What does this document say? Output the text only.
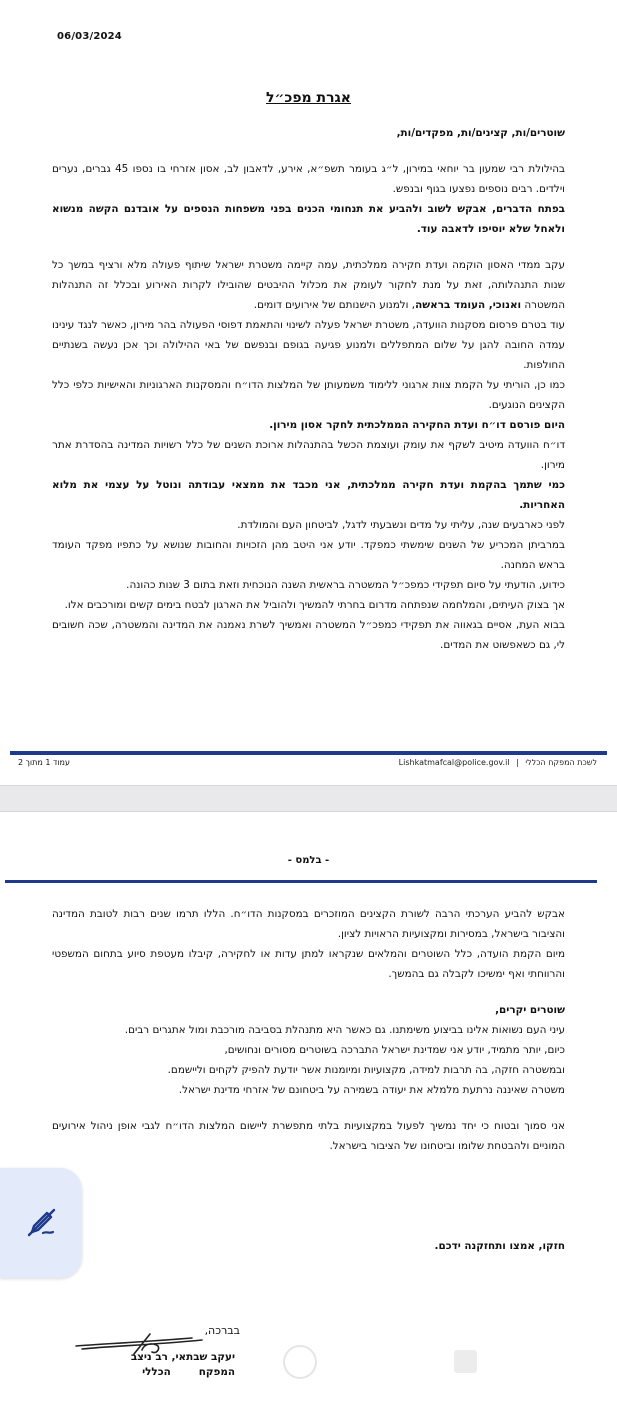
06/03/2024
אגרת מפכ״ל

שוטרים/ות, קצינים/ות, מפקדים/ות,

בהילולת רבי שמעון בר יוחאי במירון, ל״ג בעומר תשפ״א, אירע, לדאבון לב, אסון אזרחי בו נספו 45 גברים, נערים וילדים. רבים נוספים נפצעו בגוף ובנפש.

בפתח הדברים, אבקש לשוב ולהביע את תנחומי הכנים בפני משפחות הנספים על אובדנם הקשה מנשוא ולאחל שלא יוסיפו לדאבה עוד.

עקב ממדי האסון הוקמה ועדת חקירה ממלכתית, עמה קיימה משטרת ישראל שיתוף פעולה מלא ורציף במשך כל שנות התנהלותה, זאת על מנת לחקור לעומק את מכלול ההיבטים שהובילו לקרות האירוע ובכלל זה התנהלות המשטרה ואנוכי, העומד בראשה, ולמנוע הישנותם של אירועים דומים.

עוד בטרם פרסום מסקנות הוועדה, משטרת ישראל פעלה לשינוי והתאמת דפוסי הפעולה בהר מירון, כאשר לנגד עינינו עמדה החובה להגן על שלום המתפללים ולמנוע פגיעה בגופם ובנפשם של באי ההילולה וכך אכן נעשה בשנתיים החולפות.

כמו כן, הוריתי על הקמת צוות ארגוני ללימוד משמעותן של המלצות הדו״ח והמסקנות הארגוניות והאישיות כלפי כלל הקצינים הנוגעים.

היום פורסם דו״ח ועדת החקירה הממלכתית לחקר אסון מירון.

דו״ח הוועדה מיטיב לשקף את עומק ועוצמת הכשל בהתנהלות ארוכת השנים של כלל רשויות המדינה בהסדרת אתר מירון.

כמי שתמך בהקמת ועדת חקירה ממלכתית, אני מכבד את ממצאי עבודתה ונוטל על עצמי את מלוא האחריות.

לפני כארבעים שנה, עליתי על מדים ונשבעתי לדגל, לביטחון העם והמולדת.

במרביתן המכריע של השנים שימשתי כמפקד. יודע אני היטב מהן הזכויות והחובות שנושא על כתפיו מפקד העומד בראש המחנה.

כידוע, הודעתי על סיום תפקידי כמפכ״ל המשטרה בראשית השנה הנוכחית וזאת בתום 3 שנות כהונה.

אך בצוק העיתים, והמלחמה שנפתחה מדרום בחרתי להמשיך ולהוביל את הארגון לבטח בימים קשים ומורכבים אלו.

בבוא העת, אסיים בגאווה את תפקידי כמפכ״ל המשטרה ואמשיך לשרת נאמנה את המדינה והמשטרה, שכה חשובים לי, גם כשאפשוט את המדים.

עמוד 1 מתוך 2	לשכת המפקח הכללי | Lishkatmafcal@police.gov.il
- בלמס -

אבקש להביע הערכתי הרבה לשורת הקצינים המוזכרים במסקנות הדו״ח. הללו תרמו שנים רבות לטובת המדינה והציבור בישראל, במסירות ומקצועיות הראויות לציון.

מיום הקמת הועדה, כלל השוטרים והמלאים שנקראו למתן עדות או לחקירה, קיבלו מעטפת סיוע בתחום המשפטי והרווחתי ואף ימשיכו לקבלה גם בהמשך.

שוטרים יקרים,

עיני העם נשואות אלינו בביצוע משימתנו. גם כאשר היא מתנהלת בסביבה מורכבת ומול אתגרים רבים.

כיום, יותר מתמיד, יודע אני שמדינת ישראל התברכה בשוטרים מסורים ונחושים,

ובמשטרה חזקה, בה תרבות למידה, מקצועיות ומיומנות אשר יודעת להפיק לקחים וליישמם.

משטרה שאיננה נרתעת מלמלא את יעודה בשמירה על ביטחונם של אזרחי מדינת ישראל.

אני סמוך ובטוח כי יחד נמשיך לפעול במקצועיות בלתי מתפשרת ליישום המלצות הדו״ח לגבי אופן ניהול אירועים המוניים ולהבטחת שלומו וביטחונו של הציבור בישראל.

חזקו, אמצו ותחזקנה ידכם.
בברכה,
יעקב שבתאי, רב ניצב
המפקחהכללי
